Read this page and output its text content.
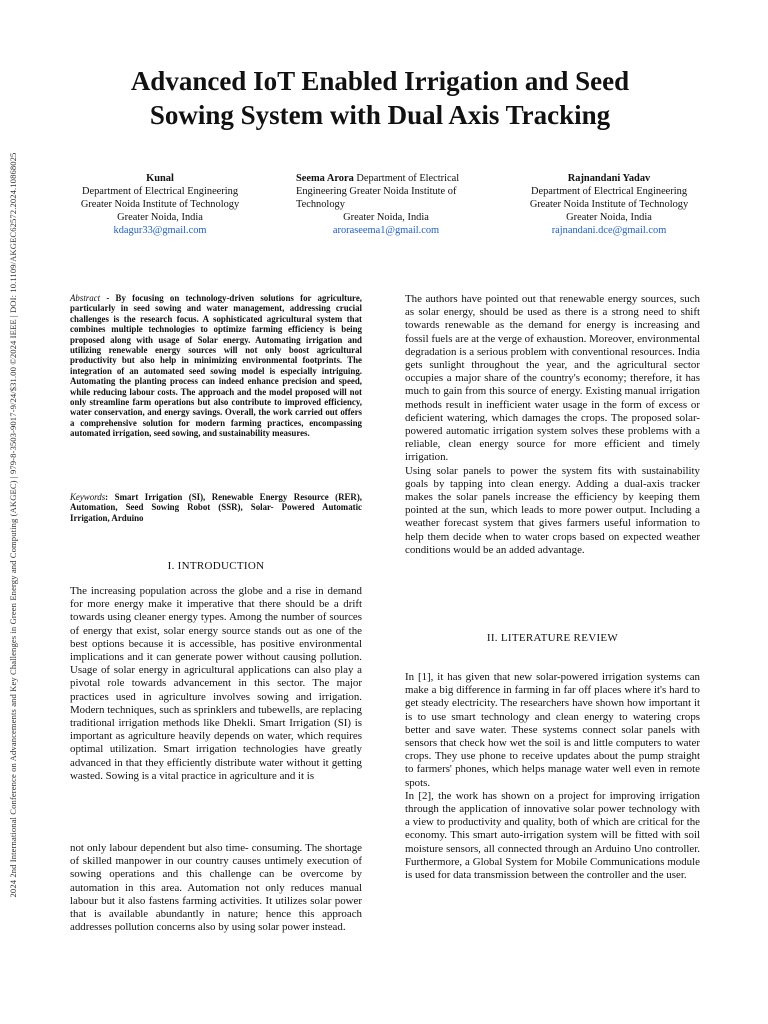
2024 2nd International Conference on Advancements and Key Challenges in Green Energy and Computing (AKGEC) | 979-8-3503-9017-9/24/$31.00 ©2024 IEEE | DOI: 10.1109/AKGEC62572.2024.10868025
Advanced IoT Enabled Irrigation and Seed
Sowing System with Dual Axis Tracking
Kunal
Department of Electrical Engineering
Greater Noida Institute of Technology
Greater Noida, India
kdagur33@gmail.com
Seema Arora Department of Electrical Engineering Greater Noida Institute of Technology
Greater Noida, India
aroraseema1@gmail.com
Rajnandani Yadav
Department of Electrical Engineering
Greater Noida Institute of Technology
Greater Noida, India
rajnandani.dce@gmail.com

Abstract - By focusing on technology-driven solutions for agriculture, particularly in seed sowing and water management, addressing crucial challenges is the research focus. A sophisticated agricultural system that combines multiple technologies to optimize farming efficiency is being proposed along with usage of Solar energy. Automating irrigation and utilizing renewable energy sources will not only boost agricultural productivity but also help in minimizing environmental footprints. The integration of an automated seed sowing model is especially intriguing. Automating the planting process can indeed enhance precision and speed, while reducing labour costs. The approach and the model proposed will not only streamline farm operations but also contribute to improved efficiency, water conservation, and energy savings. Overall, the work carried out offers a comprehensive solution for modern farming practices, encompassing automated irrigation, seed sowing, and sustainability measures.

Keywords: Smart Irrigation (SI), Renewable Energy Resource (RER), Automation, Seed Sowing Robot (SSR), Solar- Powered Automatic Irrigation, Arduino

I. INTRODUCTION

The increasing population across the globe and a rise in demand for more energy make it imperative that there should be a drift towards using cleaner energy types. Among the number of sources of energy that exist, solar energy source stands out as one of the best options because it is accessible, has positive environmental implications and it can generate power without causing pollution. Usage of solar energy in agricultural applications can also play a pivotal role towards advancement in this sector. The major practices used in agriculture involves sowing and irrigation. Modern techniques, such as sprinklers and tubewells, are replacing traditional irrigation methods like Dhekli. Smart Irrigation (SI) is important as agriculture heavily depends on water, which requires optimal utilization. Smart irrigation technologies have greatly advanced in that they efficiently distribute water without it getting wasted. Sowing is a vital practice in agriculture and it is

not only labour dependent but also time- consuming. The shortage of skilled manpower in our country causes untimely execution of sowing operations and this challenge can be overcome by automation in this area. Automation not only reduces manual labour but it also fastens farming activities. It utilizes solar power that is available abundantly in nature; hence this approach addresses pollution concerns also by using solar power instead.

The authors have pointed out that renewable energy sources, such as solar energy, should be used as there is a strong need to shift towards renewable as the demand for energy is increasing and fossil fuels are at the verge of exhaustion. Moreover, environmental degradation is a serious problem with conventional resources. India gets sunlight throughout the year, and the agricultural sector occupies a major share of the country's economy; therefore, it has much to gain from this source of energy. Existing manual irrigation methods result in inefficient water usage in the form of excess or deficient watering, which damages the crops. The proposed solar-powered automatic irrigation system solves these problems with a reliable, clean energy source for more efficient and timely irrigation.

Using solar panels to power the system fits with sustainability goals by tapping into clean energy. Adding a dual-axis tracker makes the solar panels increase the efficiency by keeping them pointed at the sun, which leads to more power output. Including a weather forecast system that gives farmers useful information to help them decide when to water crops based on expected weather conditions would be an added advantage.

II. LITERATURE REVIEW

In [1], it has given that new solar-powered irrigation systems can make a big difference in farming in far off places where it's hard to get steady electricity. The researchers have shown how important it is to use smart technology and clean energy to watering crops better and save water. These systems connect solar panels with sensors that check how wet the soil is and little computers to water crops. They use phone to receive updates about the pump straight to farmers' phones, which helps manage water well even in remote spots.

In [2], the work has shown on a project for improving irrigation through the application of innovative solar power technology with a view to productivity and quality, both of which are critical for the economy. This smart auto-irrigation system will be fitted with soil moisture sensors, all connected through an Arduino Uno controller. Furthermore, a Global System for Mobile Communications module is used for data transmission between the controller and the user.
